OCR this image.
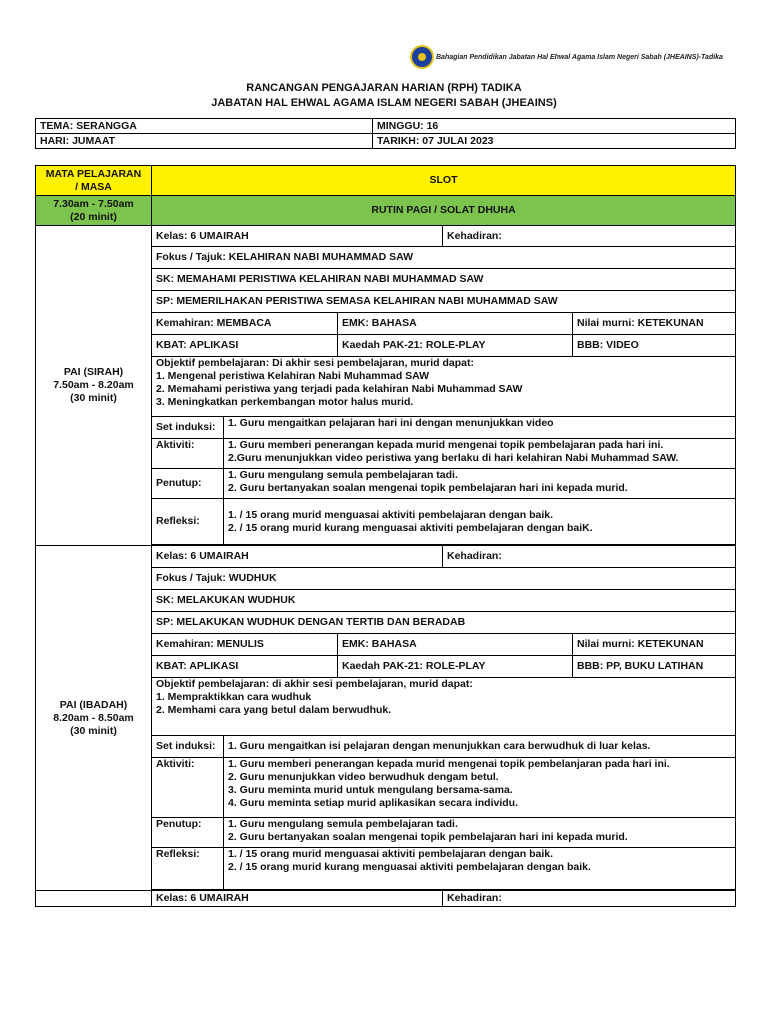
Bahagian Pendidikan Jabatan Hal Ehwal Agama Islam Negeri Sabah (JHEAINS)-Tadika
RANCANGAN PENGAJARAN HARIAN (RPH) TADIKA
JABATAN HAL EHWAL AGAMA ISLAM NEGERI SABAH (JHEAINS)
TEMA: SERANGGA	MINGGU: 16
HARI: JUMAAT	TARIKH: 07 JULAI 2023
MATA PELAJARAN
/ MASA	SLOT				

7.30am - 7.50am
(20 minit)	RUTIN PAGI / SOLAT DHUHA				

PAI (SIRAH)
7.50am - 8.20am
(30 minit)	Kelas: 6 UMAIRAH			Kehadiran:	
	Fokus / Tajuk: KELAHIRAN NABI MUHAMMAD SAW				
	SK: MEMAHAMI PERISTIWA KELAHIRAN NABI MUHAMMAD SAW				
	SP: MEMERILHAKAN PERISTIWA SEMASA KELAHIRAN NABI MUHAMMAD SAW				
	Kemahiran: MEMBACA		EMK: BAHASA		Nilai murni: KETEKUNAN
	KBAT: APLIKASI		Kaedah PAK-21: ROLE-PLAY		BBB: VIDEO

	Objektif pembelajaran: Di akhir sesi pembelajaran, murid dapat:
1. Mengenal peristiwa Kelahiran Nabi Muhammad SAW
2. Memahami peristiwa yang terjadi pada kelahiran Nabi Muhammad SAW
3. Meningkatkan perkembangan motor halus murid.				

	Set induksi:	1. Guru mengaitkan pelajaran hari ini dengan menunjukkan video			
	Aktiviti:	1. Guru memberi penerangan kepada murid mengenai topik pembelajaran pada hari ini.
2.Guru menunjukkan video peristiwa yang berlaku di hari kelahiran Nabi Muhammad SAW.			

	Penutup:	1. Guru mengulang semula pembelajaran tadi.
2. Guru bertanyakan soalan mengenai topik pembelajaran hari ini kepada murid.			

	Refleksi:	1. / 15 orang murid menguasai aktiviti pembelajaran dengan baik.
2. / 15 orang murid kurang menguasai aktiviti pembelajaran dengan baiK.			

PAI (IBADAH)
8.20am - 8.50am
(30 minit)	Kelas: 6 UMAIRAH			Kehadiran:	
	Fokus / Tajuk: WUDHUK				
	SK: MELAKUKAN WUDHUK				
	SP: MELAKUKAN WUDHUK DENGAN TERTIB DAN BERADAB				
	Kemahiran: MENULIS		EMK: BAHASA		Nilai murni: KETEKUNAN
	KBAT: APLIKASI		Kaedah PAK-21: ROLE-PLAY		BBB: PP, BUKU LATIHAN

	Objektif pembelajaran: di akhir sesi pembelajaran, murid dapat:
1. Mempraktikkan cara wudhuk
2. Memhami cara yang betul dalam berwudhuk.				

	Set induksi:	1. Guru mengaitkan isi pelajaran dengan menunjukkan cara berwudhuk di luar kelas.			
	Aktiviti:	1. Guru memberi penerangan kepada murid mengenai topik pembelanjaran pada hari ini.
2. Guru menunjukkan video berwudhuk dengam betul.
3. Guru meminta murid untuk mengulang bersama-sama.
4. Guru meminta setiap murid aplikasikan secara individu.			

	Penutup:	1. Guru mengulang semula pembelajaran tadi.
2. Guru bertanyakan soalan mengenai topik pembelajaran hari ini kepada murid.			

	Refleksi:	1. / 15 orang murid menguasai aktiviti pembelajaran dengan baik.
2. / 15 orang murid kurang menguasai aktiviti pembelajaran dengan baik.			

	Kelas: 6 UMAIRAH			Kehadiran:	
